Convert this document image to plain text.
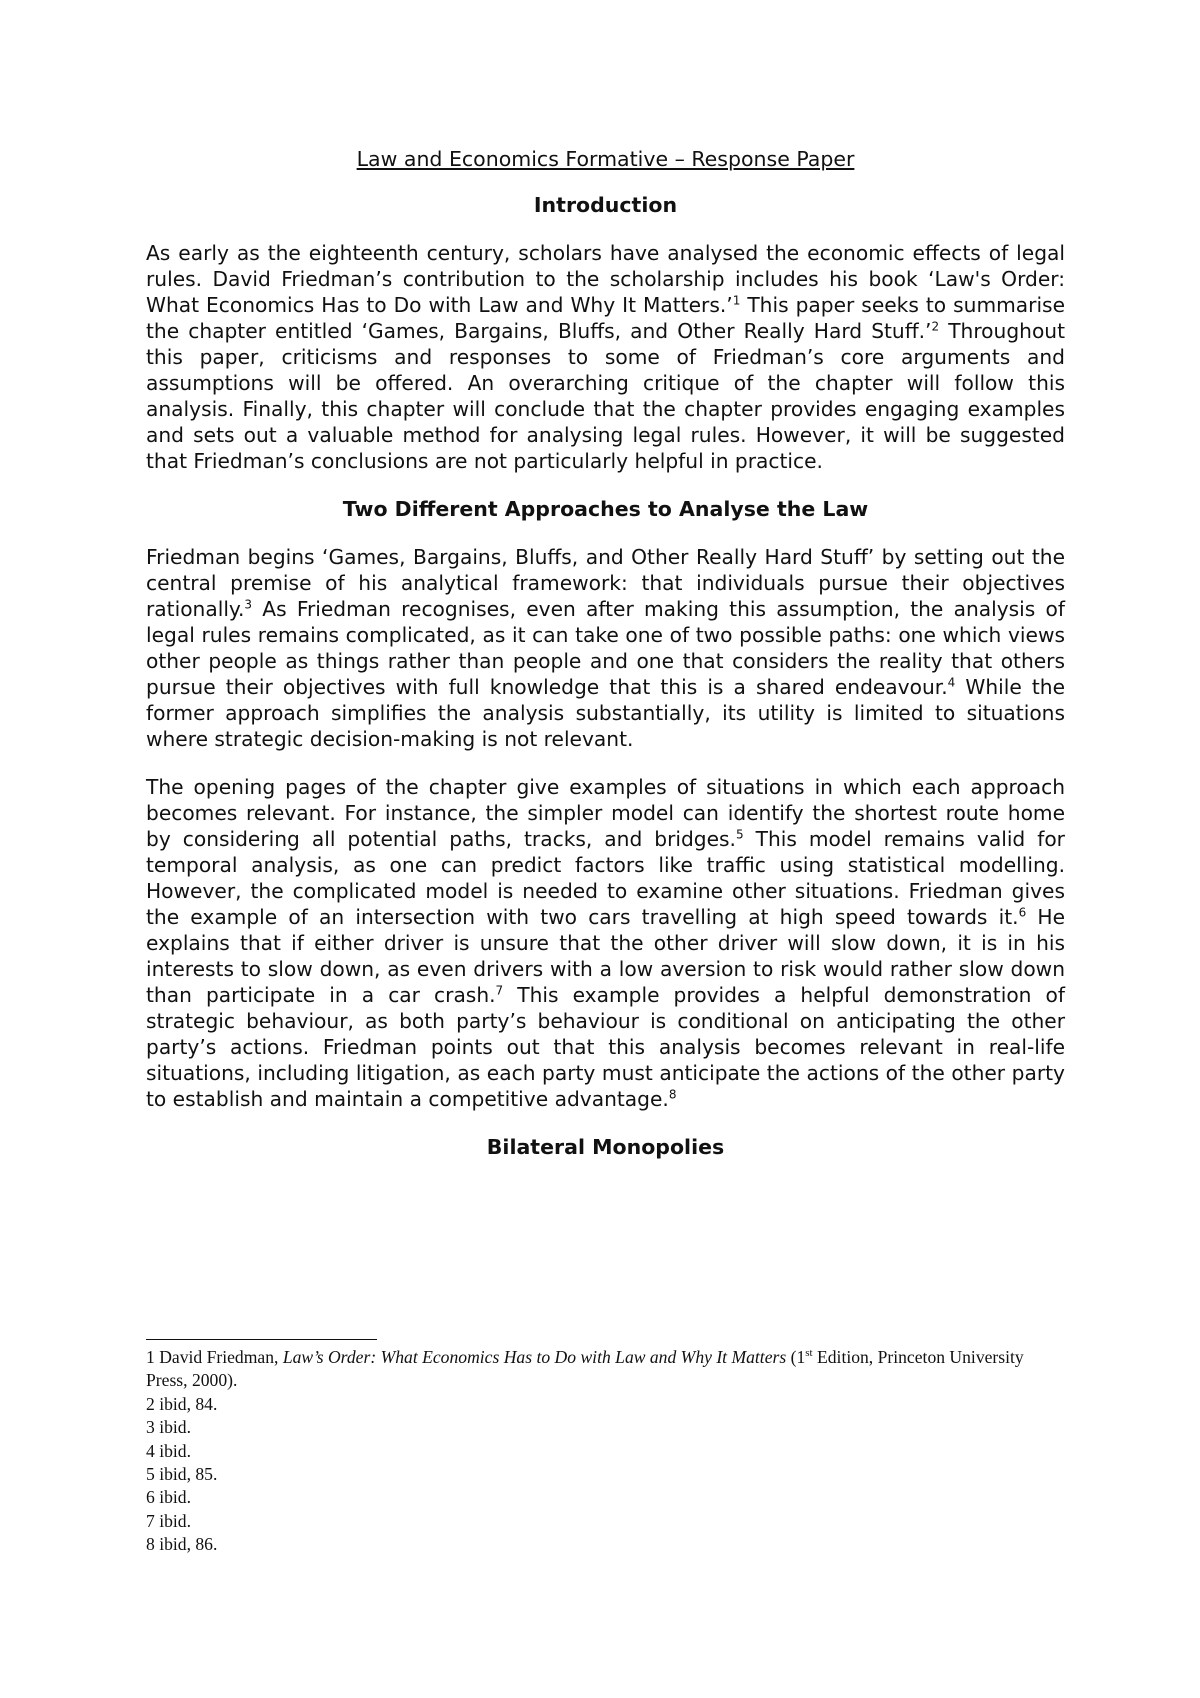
Law and Economics Formative – Response Paper
Introduction
As early as the eighteenth century, scholars have analysed the economic effects of legal rules. David Friedman’s contribution to the scholarship includes his book ‘Law's Order: What Economics Has to Do with Law and Why It Matters.’$^1$ This paper seeks to summarise the chapter entitled ‘Games, Bargains, Bluffs, and Other Really Hard Stuff.’$^2$ Throughout this paper, criticisms and responses to some of Friedman’s core arguments and assumptions will be offered. An overarching critique of the chapter will follow this analysis. Finally, this chapter will conclude that the chapter provides engaging examples and sets out a valuable method for analysing legal rules. However, it will be suggested that Friedman’s conclusions are not particularly helpful in practice.
Two Different Approaches to Analyse the Law
Friedman begins ‘Games, Bargains, Bluffs, and Other Really Hard Stuff’ by setting out the central premise of his analytical framework: that individuals pursue their objectives rationally.$^3$ As Friedman recognises, even after making this assumption, the analysis of legal rules remains complicated, as it can take one of two possible paths: one which views other people as things rather than people and one that considers the reality that others pursue their objectives with full knowledge that this is a shared endeavour.$^4$ While the former approach simplifies the analysis substantially, its utility is limited to situations where strategic decision-making is not relevant.
The opening pages of the chapter give examples of situations in which each approach becomes relevant. For instance, the simpler model can identify the shortest route home by considering all potential paths, tracks, and bridges.$^5$ This model remains valid for temporal analysis, as one can predict factors like traffic using statistical modelling. However, the complicated model is needed to examine other situations. Friedman gives the example of an intersection with two cars travelling at high speed towards it.$^6$ He explains that if either driver is unsure that the other driver will slow down, it is in his interests to slow down, as even drivers with a low aversion to risk would rather slow down than participate in a car crash.$^7$ This example provides a helpful demonstration of strategic behaviour, as both party’s behaviour is conditional on anticipating the other party’s actions. Friedman points out that this analysis becomes relevant in real-life situations, including litigation, as each party must anticipate the actions of the other party to establish and maintain a competitive advantage.$^8$
Bilateral Monopolies
1 David Friedman, Law’s Order: What Economics Has to Do with Law and Why It Matters (1st Edition, Princeton University Press, 2000).
2 ibid, 84.
3 ibid.
4 ibid.
5 ibid, 85.
6 ibid.
7 ibid.
8 ibid, 86.
